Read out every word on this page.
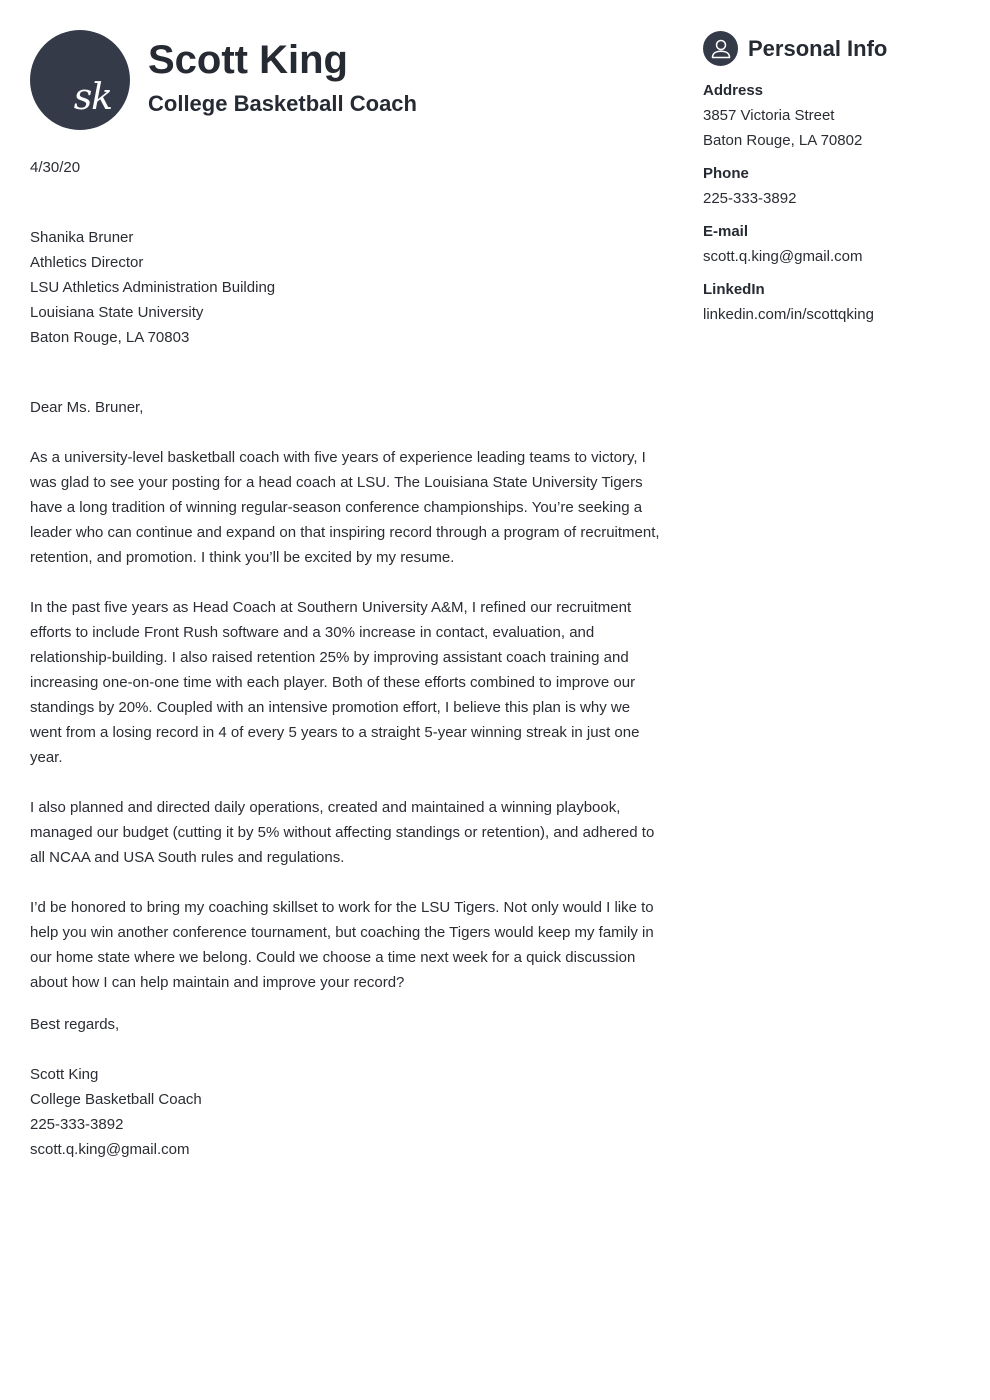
sk
Scott King
College Basketball Coach

4/30/20

Shanika Bruner
Athletics Director
LSU Athletics Administration Building
Louisiana State University
Baton Rouge, LA 70803

Dear Ms. Bruner,

As a university-level basketball coach with five years of experience leading teams to victory, I was glad to see your posting for a head coach at LSU. The Louisiana State University Tigers have a long tradition of winning regular-season conference championships. You’re seeking a leader who can continue and expand on that inspiring record through a program of recruitment, retention, and promotion. I think you’ll be excited by my resume.

In the past five years as Head Coach at Southern University A&M, I refined our recruitment efforts to include Front Rush software and a 30% increase in contact, evaluation, and relationship-building. I also raised retention 25% by improving assistant coach training and increasing one-on-one time with each player. Both of these efforts combined to improve our standings by 20%. Coupled with an intensive promotion effort, I believe this plan is why we went from a losing record in 4 of every 5 years to a straight 5-year winning streak in just one year.

I also planned and directed daily operations, created and maintained a winning playbook, managed our budget (cutting it by 5% without affecting standings or retention), and adhered to all NCAA and USA South rules and regulations.

I’d be honored to bring my coaching skillset to work for the LSU Tigers. Not only would I like to help you win another conference tournament, but coaching the Tigers would keep my family in our home state where we belong. Could we choose a time next week for a quick discussion about how I can help maintain and improve your record?

Best regards,

Scott King
College Basketball Coach
225-333-3892
scott.q.king@gmail.com

Personal Info
Address
3857 Victoria Street
Baton Rouge, LA 70802
Phone
225-333-3892
E-mail
scott.q.king@gmail.com
LinkedIn
linkedin.com/in/scottqking
